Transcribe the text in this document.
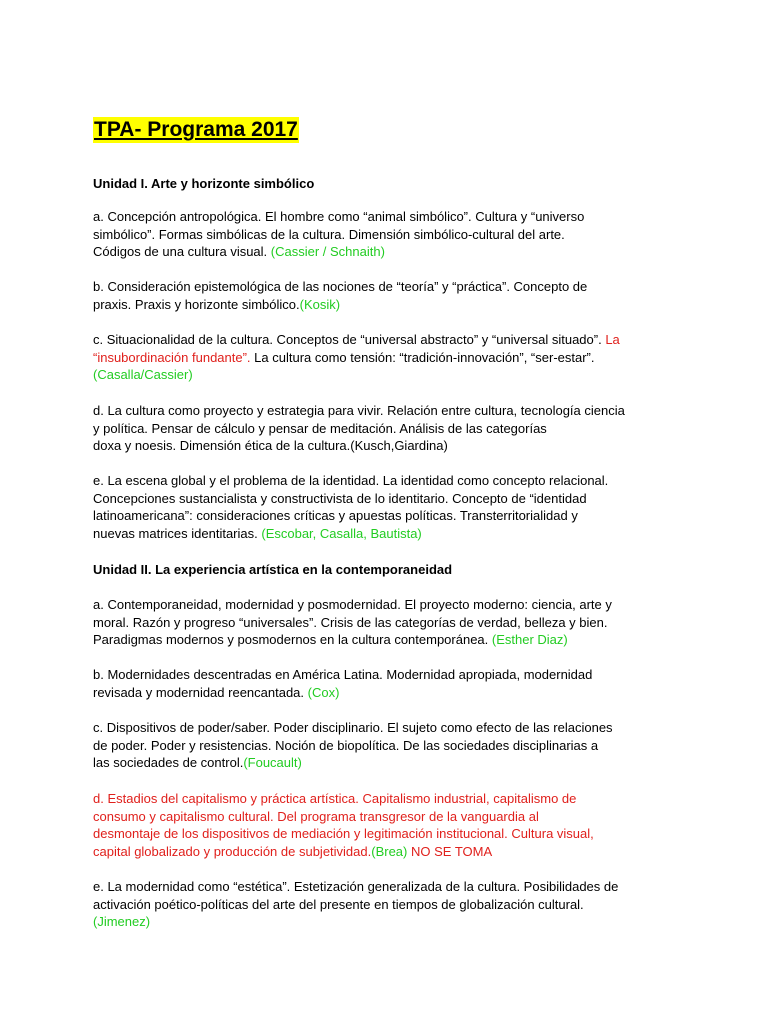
TPA- Programa 2017
Unidad I. Arte y horizonte simbólico
a. Concepción antropológica. El hombre como “animal simbólico”. Cultura y “universo
simbólico”. Formas simbólicas de la cultura. Dimensión simbólico-cultural del arte.
Códigos de una cultura visual. (Cassier / Schnaith)
b. Consideración epistemológica de las nociones de “teoría” y “práctica”. Concepto de
praxis. Praxis y horizonte simbólico.(Kosik)
c. Situacionalidad de la cultura. Conceptos de “universal abstracto” y “universal situado”. La
“insubordinación fundante”. La cultura como tensión: “tradición-innovación”, “ser-estar”.
(Casalla/Cassier)
d. La cultura como proyecto y estrategia para vivir. Relación entre cultura, tecnología ciencia
y política. Pensar de cálculo y pensar de meditación. Análisis de las categorías
doxa y noesis. Dimensión ética de la cultura.(Kusch,Giardina)
e. La escena global y el problema de la identidad. La identidad como concepto relacional.
Concepciones sustancialista y constructivista de lo identitario. Concepto de “identidad
latinoamericana”: consideraciones críticas y apuestas políticas. Transterritorialidad y
nuevas matrices identitarias. (Escobar, Casalla, Bautista)
Unidad II. La experiencia artística en la contemporaneidad
a. Contemporaneidad, modernidad y posmodernidad. El proyecto moderno: ciencia, arte y
moral. Razón y progreso “universales”. Crisis de las categorías de verdad, belleza y bien.
Paradigmas modernos y posmodernos en la cultura contemporánea. (Esther Diaz)
b. Modernidades descentradas en América Latina. Modernidad apropiada, modernidad
revisada y modernidad reencantada. (Cox)
c. Dispositivos de poder/saber. Poder disciplinario. El sujeto como efecto de las relaciones
de poder. Poder y resistencias. Noción de biopolítica. De las sociedades disciplinarias a
las sociedades de control.(Foucault)
d. Estadios del capitalismo y práctica artística. Capitalismo industrial, capitalismo de
consumo y capitalismo cultural. Del programa transgresor de la vanguardia al
desmontaje de los dispositivos de mediación y legitimación institucional. Cultura visual,
capital globalizado y producción de subjetividad.(Brea) NO SE TOMA
e. La modernidad como “estética”. Estetización generalizada de la cultura. Posibilidades de
activación poético-políticas del arte del presente en tiempos de globalización cultural.
(Jimenez)
